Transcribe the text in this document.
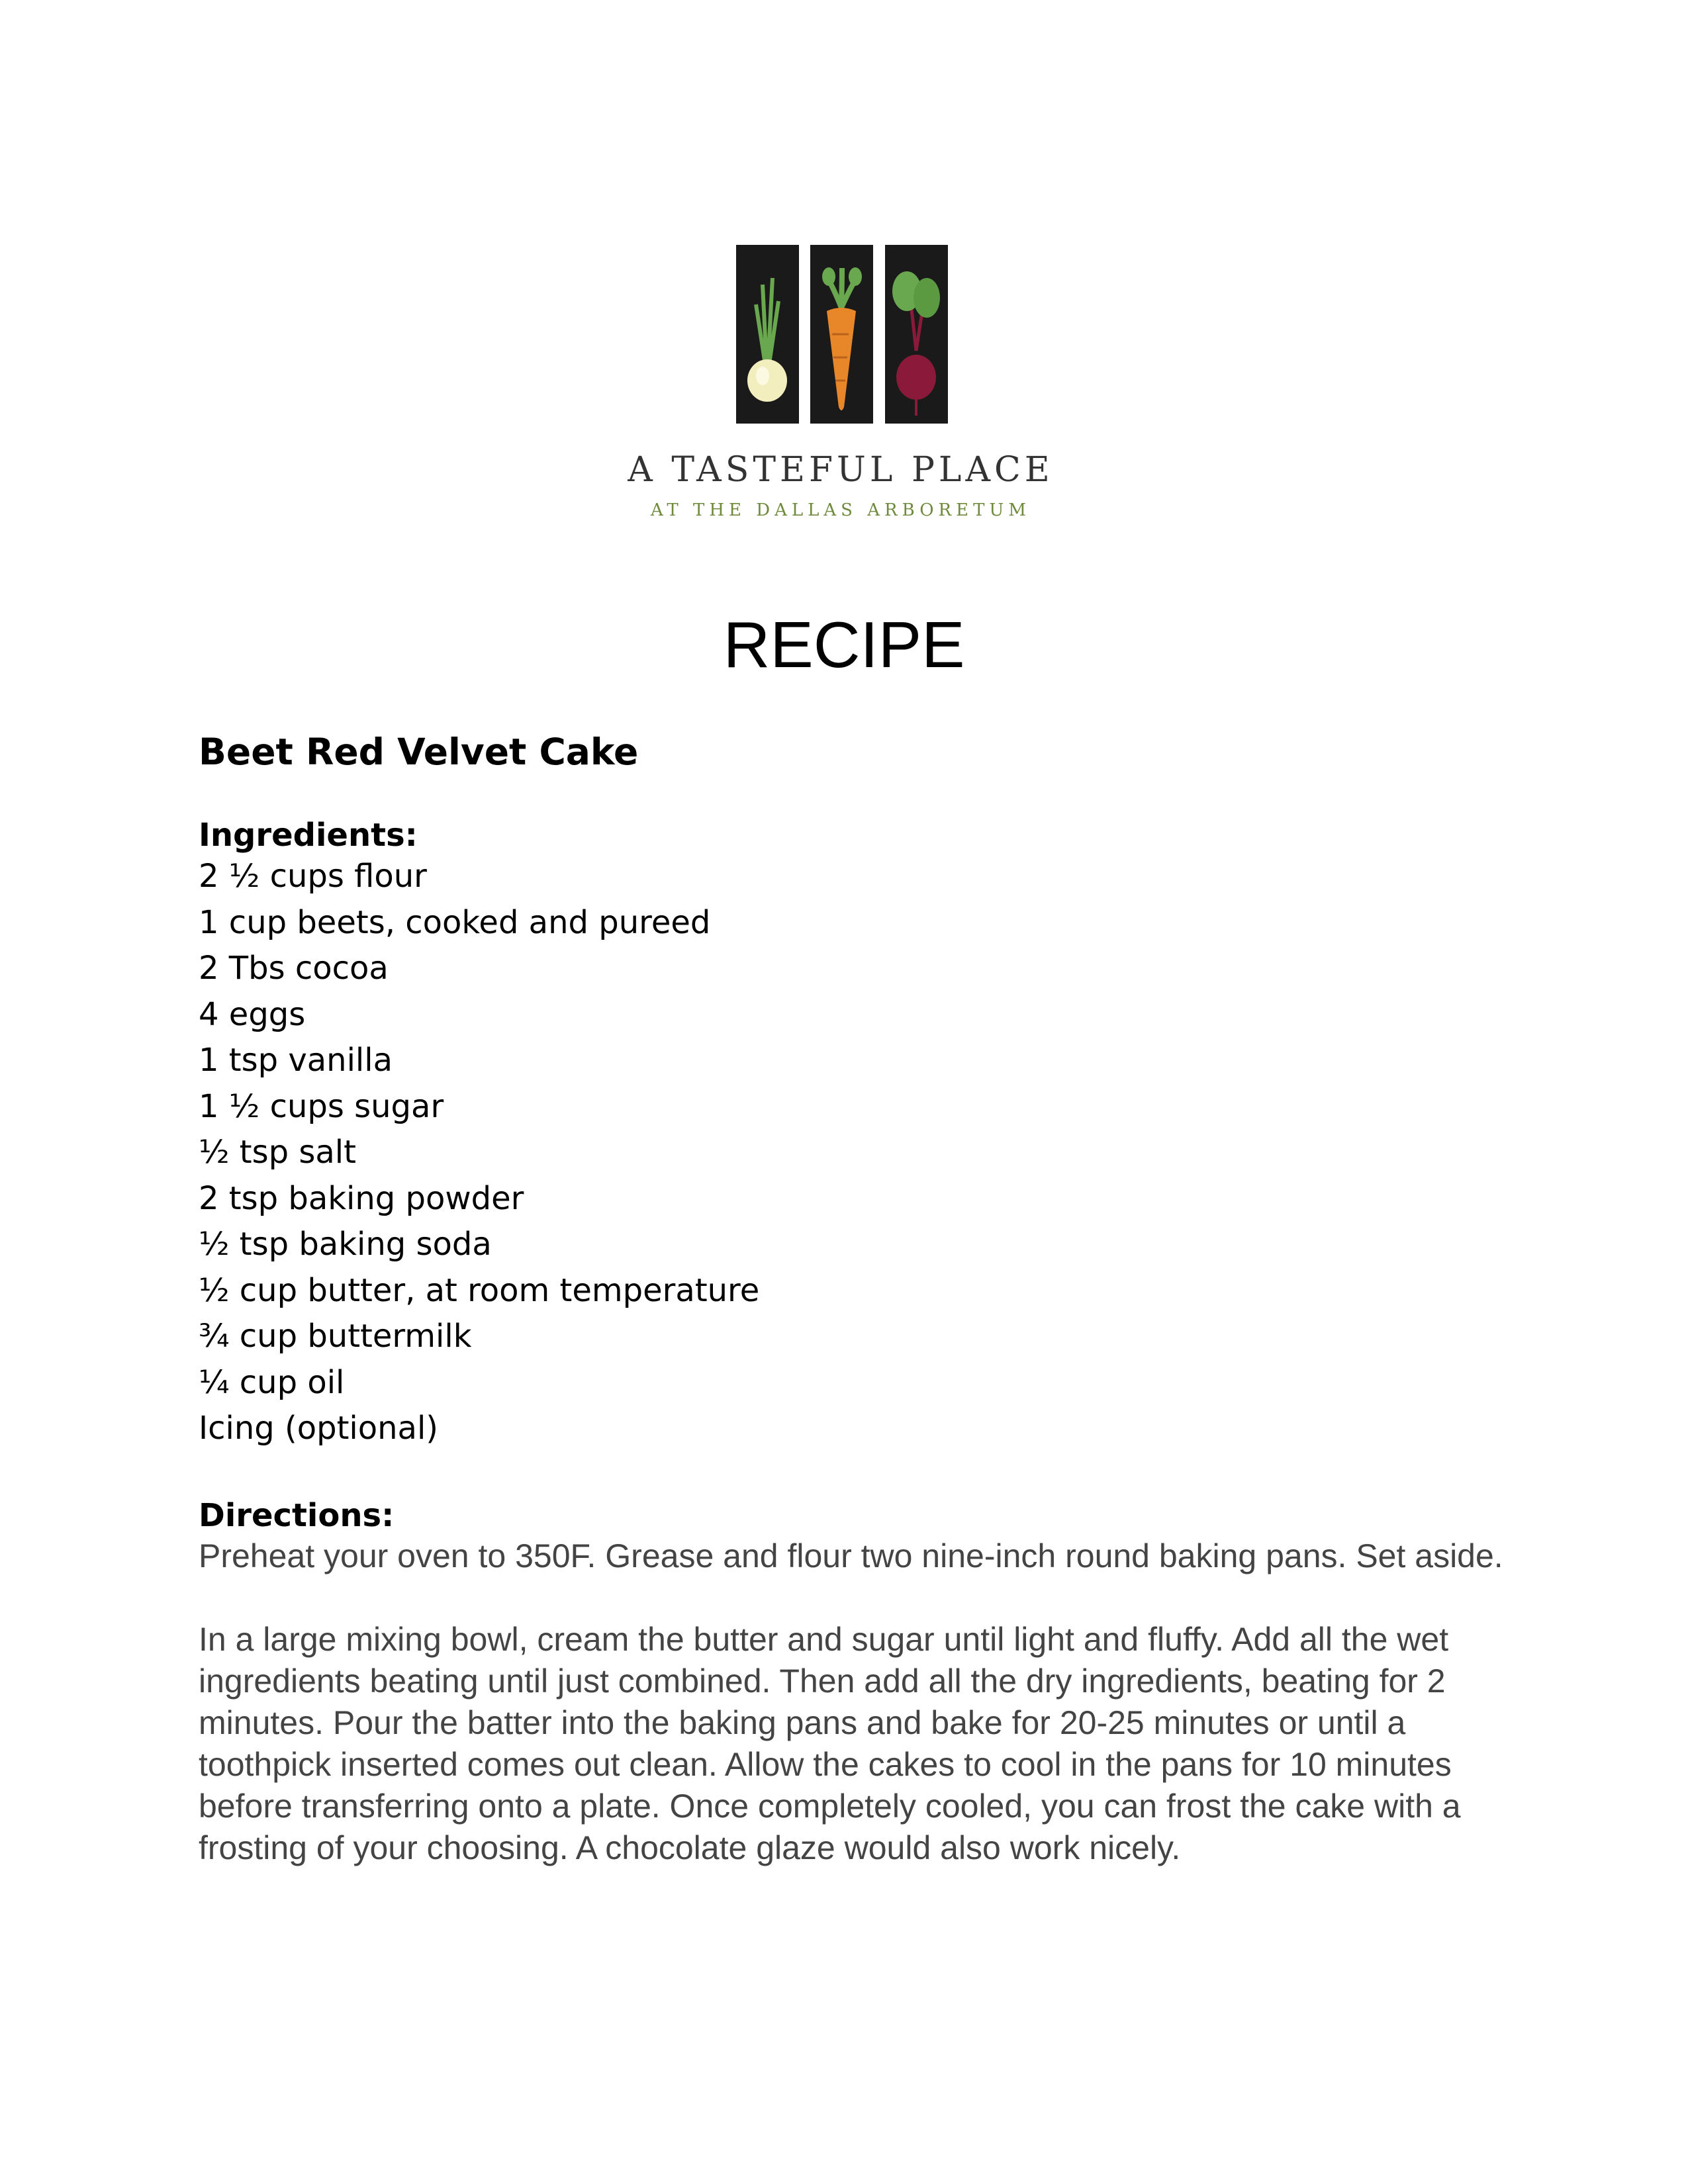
A TASTEFUL PLACE
AT THE DALLAS ARBORETUM
RECIPE
Beet Red Velvet Cake
Ingredients:
2 ½ cups flour
1 cup beets, cooked and pureed
2 Tbs cocoa
4 eggs
1 tsp vanilla
1 ½ cups sugar
½ tsp salt
2 tsp baking powder
½ tsp baking soda
½ cup butter, at room temperature
¾ cup buttermilk
¼ cup oil
Icing (optional)
Directions:

Preheat your oven to 350F. Grease and flour two nine-inch round baking pans. Set aside.

In a large mixing bowl, cream the butter and sugar until light and fluffy. Add all the wet ingredients beating until just combined. Then add all the dry ingredients, beating for 2 minutes. Pour the batter into the baking pans and bake for 20-25 minutes or until a toothpick inserted comes out clean. Allow the cakes to cool in the pans for 10 minutes before transferring onto a plate. Once completely cooled, you can frost the cake with a frosting of your choosing. A chocolate glaze would also work nicely.
